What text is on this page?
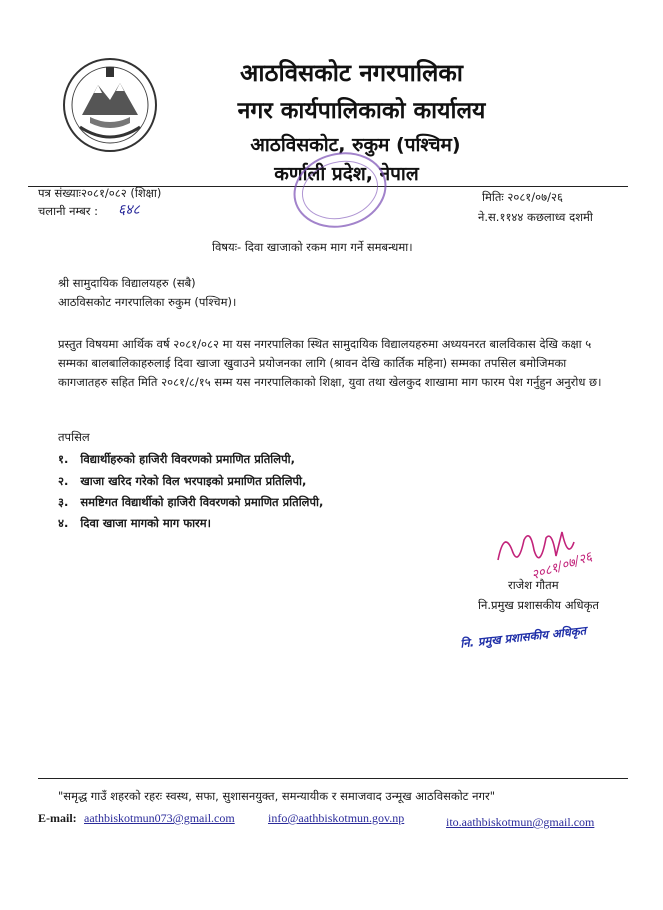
आठविसकोट नगरपालिका
नगर कार्यपालिकाको कार्यालय
आठविसकोट, रुकुम (पश्चिम)
कर्णाली प्रदेश, नेपाल
पत्र संख्याः२०८१/०८२ (शिक्षा)
चलानी नम्बर : ६४८
मितिः २०८१/०७/२६
ने.स.११४४ कछलाध्व दशमी
विषयः- दिवा खाजाको रकम माग गर्ने समबन्धमा।
श्री सामुदायिक विद्यालयहरु (सबै)
आठविसकोट नगरपालिका रुकुम (पश्चिम)।
प्रस्तुत विषयमा आर्थिक वर्ष २०८१/०८२ मा यस नगरपालिका स्थित सामुदायिक विद्यालयहरुमा अध्ययनरत बालविकास देखि कक्षा ५ सम्मका बालबालिकाहरुलाई दिवा खाजा खुवाउने प्रयोजनका लागि (श्रावन देखि कार्तिक महिना) सम्मका तपसिल बमोजिमका कागजातहरु सहित मिति २०८१/८/१५ सम्म यस नगरपालिकाको शिक्षा, युवा तथा खेलकुद शाखामा माग फारम पेश गर्नुहुन अनुरोध छ।
तपसिल
१. विद्यार्थीहरुको हाजिरी विवरणको प्रमाणित प्रतिलिपी,
२. खाजा खरिद गरेको विल भरपाइको प्रमाणित प्रतिलिपी,
३. समष्टिगत विद्यार्थीको हाजिरी विवरणको प्रमाणित प्रतिलिपी,
४. दिवा खाजा मागको माग फारम।
२०८१/०७/२६
राजेश गौतम
नि.प्रमुख प्रशासकीय अधिकृत
नि. प्रमुख प्रशासकीय अधिकृत
"समृद्ध गाउँ शहरको रहरः स्वस्थ, सफा, सुशासनयुक्त, समन्यायीक र समाजवाद उन्मूख आठविसकोट नगर"
E-mail: aathbiskotmun073@gmail.com	info@aathbiskotmun.gov.np	ito.aathbiskotmun@gmail.com
